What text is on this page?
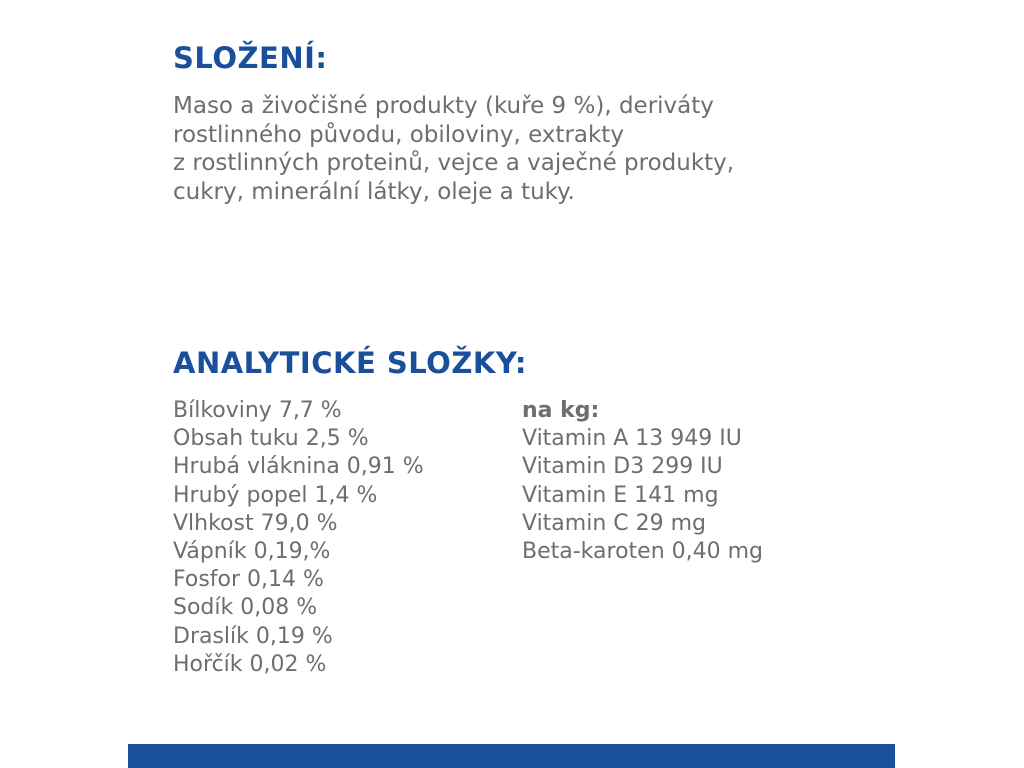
SLOŽENÍ:

Maso a živočišné produkty (kuře 9 %), deriváty
rostlinného původu, obiloviny, extrakty
z rostlinných proteinů, vejce a vaječné produkty,
cukry, minerální látky, oleje a tuky.

ANALYTICKÉ SLOŽKY:
Bílkoviny 7,7 %
Obsah tuku 2,5 %
Hrubá vláknina 0,91 %
Hrubý popel 1,4 %
Vlhkost 79,0 %
Vápník 0,19,%
Fosfor 0,14 %
Sodík 0,08 %
Draslík 0,19 %
Hořčík 0,02 %
na kg:
Vitamin A 13 949 IU
Vitamin D3 299 IU
Vitamin E 141 mg
Vitamin C 29 mg
Beta-karoten 0,40 mg
